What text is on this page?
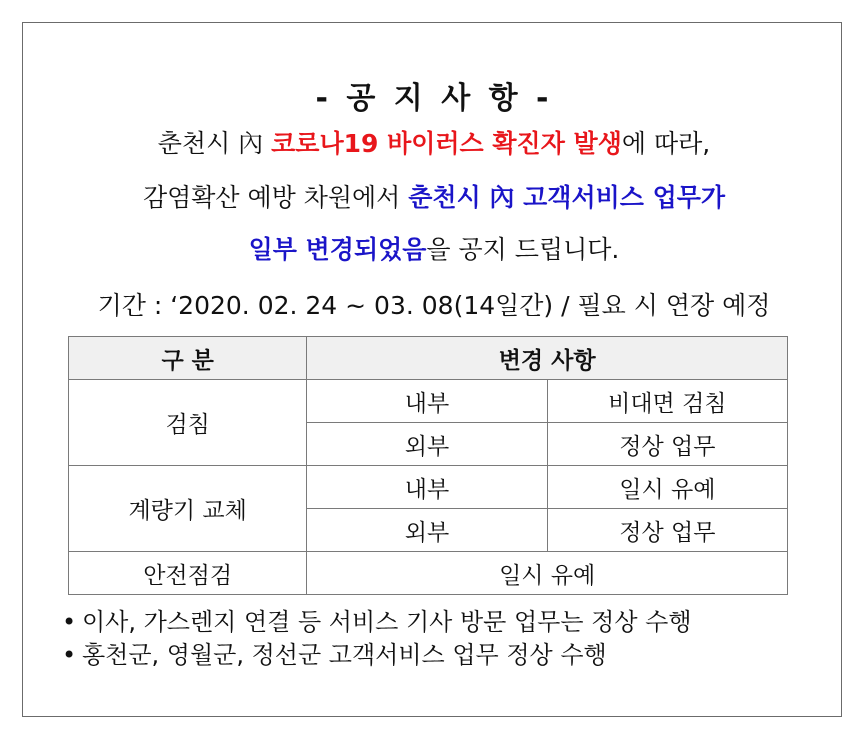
- 공 지 사 항 -
춘천시 內 코로나19 바이러스 확진자 발생에 따라,
감염확산 예방 차원에서 춘천시 內 고객서비스 업무가
일부 변경되었음을 공지 드립니다.
기간 : ‘2020. 02. 24 ~ 03. 08(14일간) / 필요 시 연장 예정
구 분	변경 사항	
검침	내부	비대면 검침
	외부	정상 업무
계량기 교체	내부	일시 유예
	외부	정상 업무
안전점검	일시 유예	
• 이사, 가스렌지 연결 등 서비스 기사 방문 업무는 정상 수행
• 홍천군, 영월군, 정선군 고객서비스 업무 정상 수행
